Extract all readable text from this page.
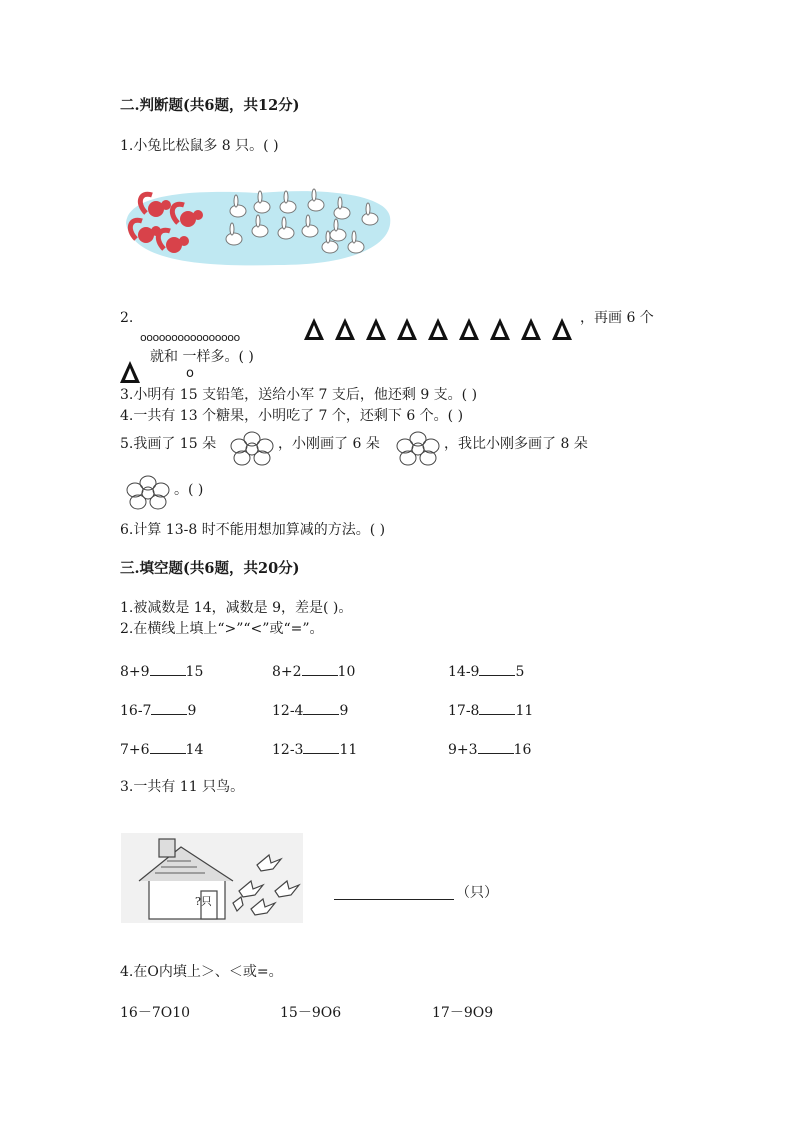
二.判断题(共6题，共12分)
1.小兔比松鼠多 8 只。( )
2.
oooooooooooooooo
，再画 6 个
就和 一样多。( )
o
3.小明有 15 支铅笔，送给小军 7 支后，他还剩 9 支。( )
4.一共有 13 个糖果，小明吃了 7 个，还剩下 6 个。( )
5.我画了 15 朵	，小刚画了 6 朵	，我比小刚多画了 8 朵
。( )
6.计算 13-8 时不能用想加算减的方法。( )
三.填空题(共6题，共20分)
1.被减数是 14，减数是 9，差是( )。
2.在横线上填上“>”“<”或“=”。
8+9	15	8+2	10	14-9	5
16-7	9	12-4	9	17-8	11
7+6	14	12-3	11	9+3	16
3.一共有 11 只鸟。
?只
（只）
4.在O内填上＞、＜或=。
16－7O10	15－9O6	17－9O9
